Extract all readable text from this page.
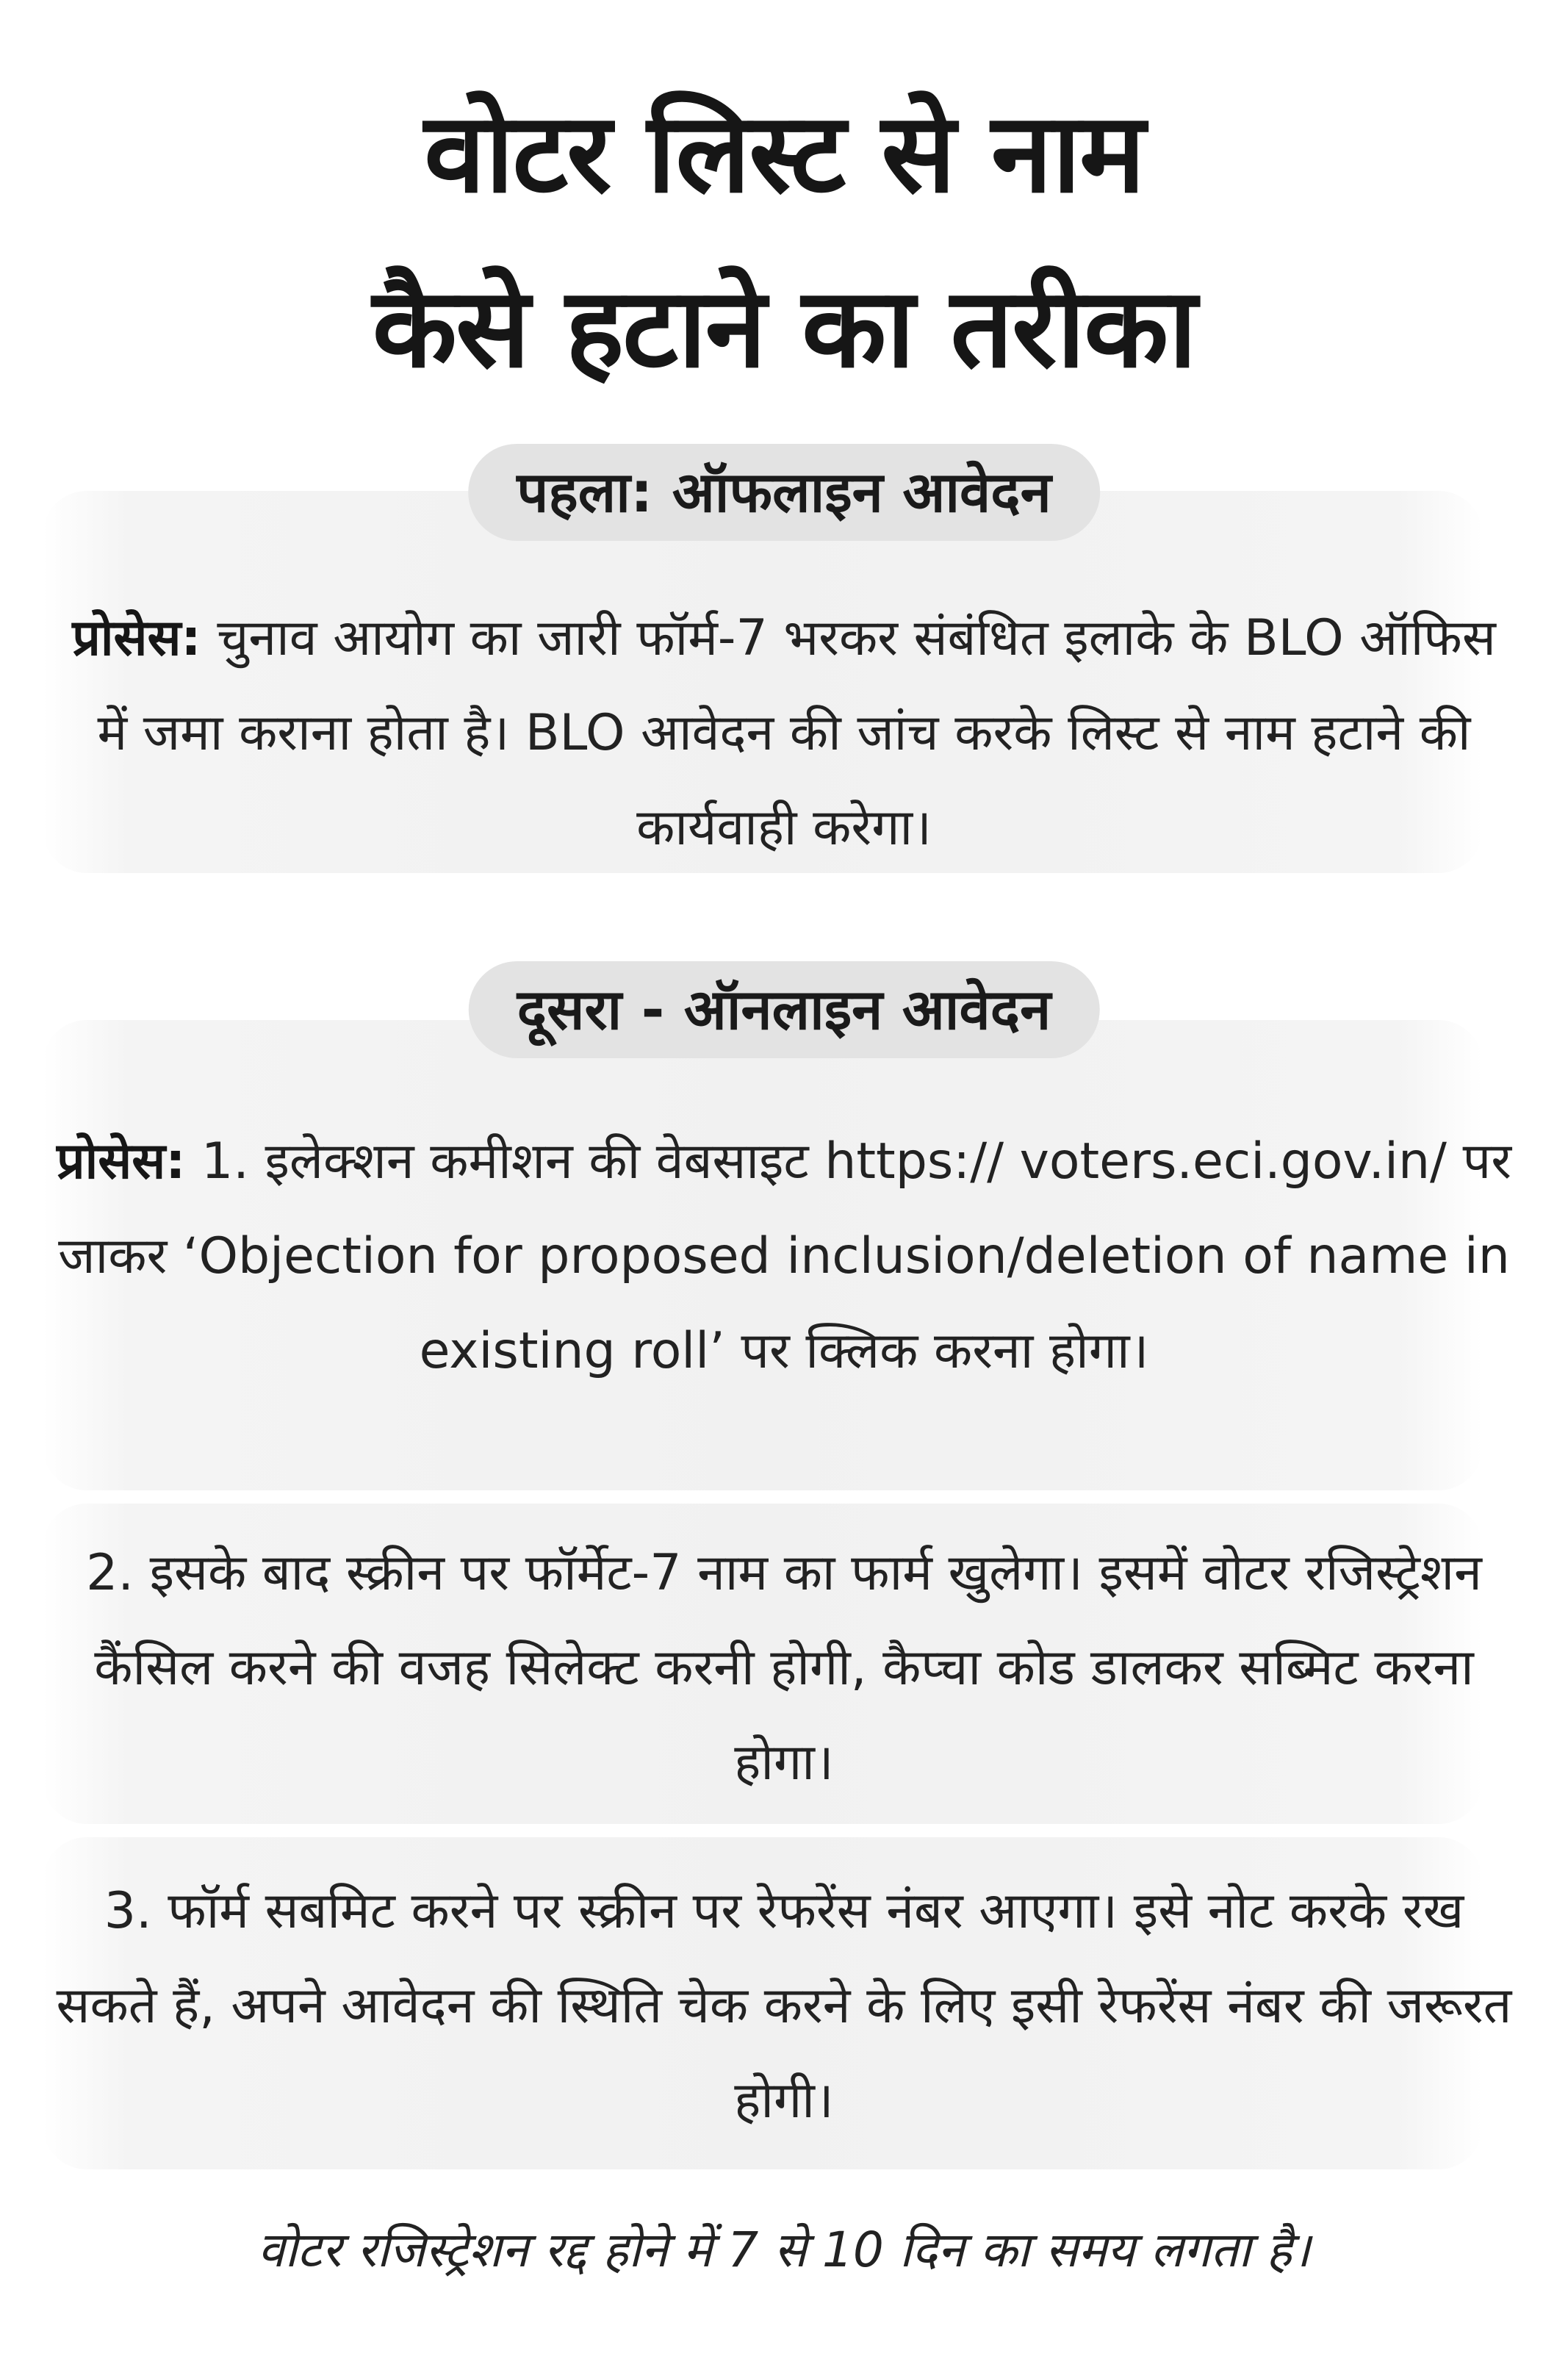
वोटर लिस्ट से नाम
कैसे हटाने का तरीका
पहला: ऑफलाइन आवेदन
प्रोसेस: चुनाव आयोग का जारी फॉर्म-7 भरकर संबंधित इलाके के BLO ऑफिस में जमा कराना होता है। BLO आवेदन की जांच करके लिस्ट से नाम हटाने की कार्यवाही करेगा।
दूसरा - ऑनलाइन आवेदन
प्रोसेस: 1. इलेक्शन कमीशन की वेबसाइट https:// voters.eci.gov.in/ पर जाकर ‘Objection for proposed inclusion/deletion of name in existing roll’ पर क्लिक करना होगा।
2. इसके बाद स्क्रीन पर फॉर्मेट-7 नाम का फार्म खुलेगा। इसमें वोटर रजिस्ट्रेशन कैंसिल करने की वजह सिलेक्ट करनी होगी, कैप्चा कोड डालकर सब्मिट करना होगा।
3. फॉर्म सबमिट करने पर स्क्रीन पर रेफरेंस नंबर आएगा। इसे नोट करके रख सकते हैं, अपने आवेदन की स्थिति चेक करने के लिए इसी रेफरेंस नंबर की जरूरत होगी।
वोटर रजिस्ट्रेशन रद्द होने में 7 से 10 दिन का समय लगता है।
